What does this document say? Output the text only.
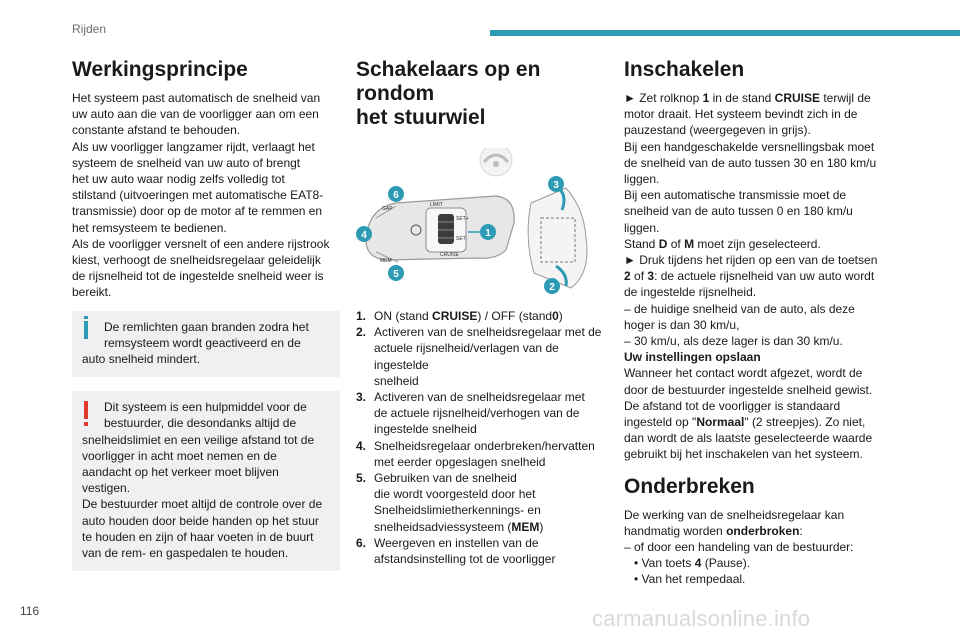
Rijden
Werkingsprincipe

Het systeem past automatisch de snelheid van

uw auto aan die van de voorligger aan om een

constante afstand te behouden.

Als uw voorligger langzamer rijdt, verlaagt het

systeem de snelheid van uw auto of brengt

het uw auto waar nodig zelfs volledig tot

stilstand (uitvoeringen met automatische EAT8-

transmissie) door op de motor af te remmen en

het remsysteem te bedienen.

Als de voorligger versnelt of een andere rijstrook

kiest, verhoogt de snelheidsregelaar geleidelijk

de rijsnelheid tot de ingestelde snelheid weer is

bereikt.

De remlichten gaan branden zodra het

remsysteem wordt geactiveerd en de

auto snelheid mindert.

Dit systeem is een hulpmiddel voor de

bestuurder, die desondanks altijd de

snelheidslimiet en een veilige afstand tot de

voorligger in acht moet nemen en de

aandacht op het verkeer moet blijven

vestigen.

De bestuurder moet altijd de controle over de

auto houden door beide handen op het stuur

te houden en zijn of haar voeten in de buurt

van de rem- en gaspedalen te houden.

Schakelaars op en rondom
het stuurwiel
LIMIT
CRUISE
SET+
SET-
MEM
GAP
1
2
3
4
5
6
1. ON (stand CRUISE) / OFF (stand0)
2. Activeren van de snelheidsregelaar met de
actuele rijsnelheid/verlagen van de ingestelde
snelheid
3. Activeren van de snelheidsregelaar met
de actuele rijsnelheid/verhogen van de
ingestelde snelheid
4. Snelheidsregelaar onderbreken/hervatten
met eerder opgeslagen snelheid
5. Gebruiken van de snelheid
die wordt voorgesteld door het
Snelheidslimietherkennings- en
snelheidsadviessysteem (MEM)
6. Weergeven en instellen van de
afstandsinstelling tot de voorligger
Inschakelen

► Zet rolknop 1 in de stand CRUISE terwijl de

motor draait. Het systeem bevindt zich in de

pauzestand (weergegeven in grijs).

Bij een handgeschakelde versnellingsbak moet

de snelheid van de auto tussen 30 en 180 km/u

liggen.

Bij een automatische transmissie moet de

snelheid van de auto tussen 0 en 180 km/u

liggen.

Stand D of M moet zijn geselecteerd.

► Druk tijdens het rijden op een van de toetsen

2 of 3: de actuele rijsnelheid van uw auto wordt

de ingestelde rijsnelheid.

– de huidige snelheid van de auto, als deze

hoger is dan 30 km/u,

– 30 km/u, als deze lager is dan 30 km/u.

Uw instellingen opslaan

Wanneer het contact wordt afgezet, wordt de

door de bestuurder ingestelde snelheid gewist.

De afstand tot de voorligger is standaard

ingesteld op "Normaal" (2 streepjes). Zo niet,

dan wordt de als laatste geselecteerde waarde

gebruikt bij het inschakelen van het systeem.

Onderbreken

De werking van de snelheidsregelaar kan

handmatig worden onderbroken:

– of door een handeling van de bestuurder:

• Van toets 4 (Pause).

• Van het rempedaal.

116	carmanualsonline.info
